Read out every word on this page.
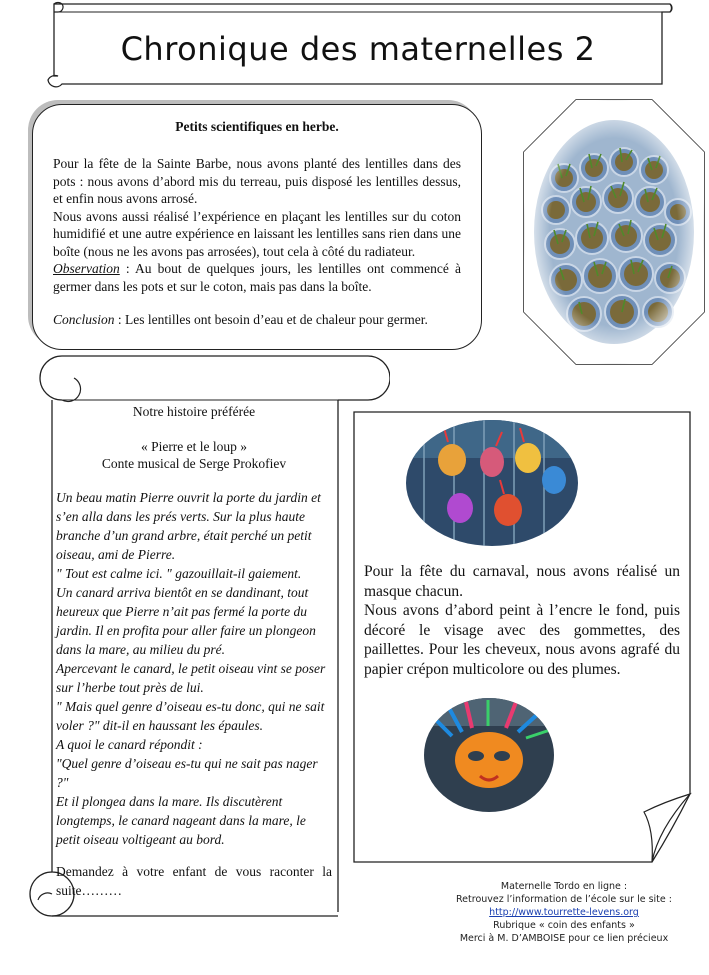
Chronique des maternelles 2
Petits scientifiques en herbe.

Pour la fête de la Sainte Barbe, nous avons planté des lentilles dans des pots : nous avons d’abord mis du terreau, puis disposé les lentilles dessus, et enfin nous avons arrosé.

Nous avons aussi réalisé l’expérience en plaçant les lentilles sur du coton humidifié et une autre expérience en laissant les lentilles sans rien dans une boîte (nous ne les avons pas arrosées), tout cela à côté du radiateur.

Observation : Au bout de quelques jours, les lentilles ont commencé à germer dans les pots et sur le coton, mais pas dans la boîte.

Conclusion : Les lentilles ont besoin d’eau et de chaleur pour germer.

Notre histoire préférée
« Pierre et le loup »
Conte musical de Serge Prokofiev

Un beau matin Pierre ouvrit la porte du jardin et s’en alla dans les prés verts. Sur la plus haute branche d’un grand arbre, était perché un petit oiseau, ami de Pierre.

" Tout est calme ici. " gazouillait-il gaiement.

Un canard arriva bientôt en se dandinant, tout heureux que Pierre n’ait pas fermé la porte du jardin. Il en profita pour aller faire un plongeon dans la mare, au milieu du pré.

Apercevant le canard, le petit oiseau vint se poser sur l’herbe tout près de lui.

" Mais quel genre d’oiseau es-tu donc, qui ne sait voler ?" dit-il en haussant les épaules.

A quoi le canard répondit :

"Quel genre d’oiseau es-tu qui ne sait pas nager ?"

Et il plongea dans la mare. Ils discutèrent longtemps, le canard nageant dans la mare, le petit oiseau voltigeant au bord.

Demandez à votre enfant de vous raconter la suite………

Pour la fête du carnaval, nous avons réalisé un masque chacun.

Nous avons d’abord peint à l’encre le fond, puis décoré le visage avec des gommettes, des paillettes. Pour les cheveux, nous avons agrafé du papier crépon multicolore ou des plumes.

Maternelle Tordo en ligne :
Retrouvez l’information de l’école sur le site :
http://www.tourrette-levens.org
Rubrique « coin des enfants »
Merci à M. D’AMBOISE pour ce lien précieux
